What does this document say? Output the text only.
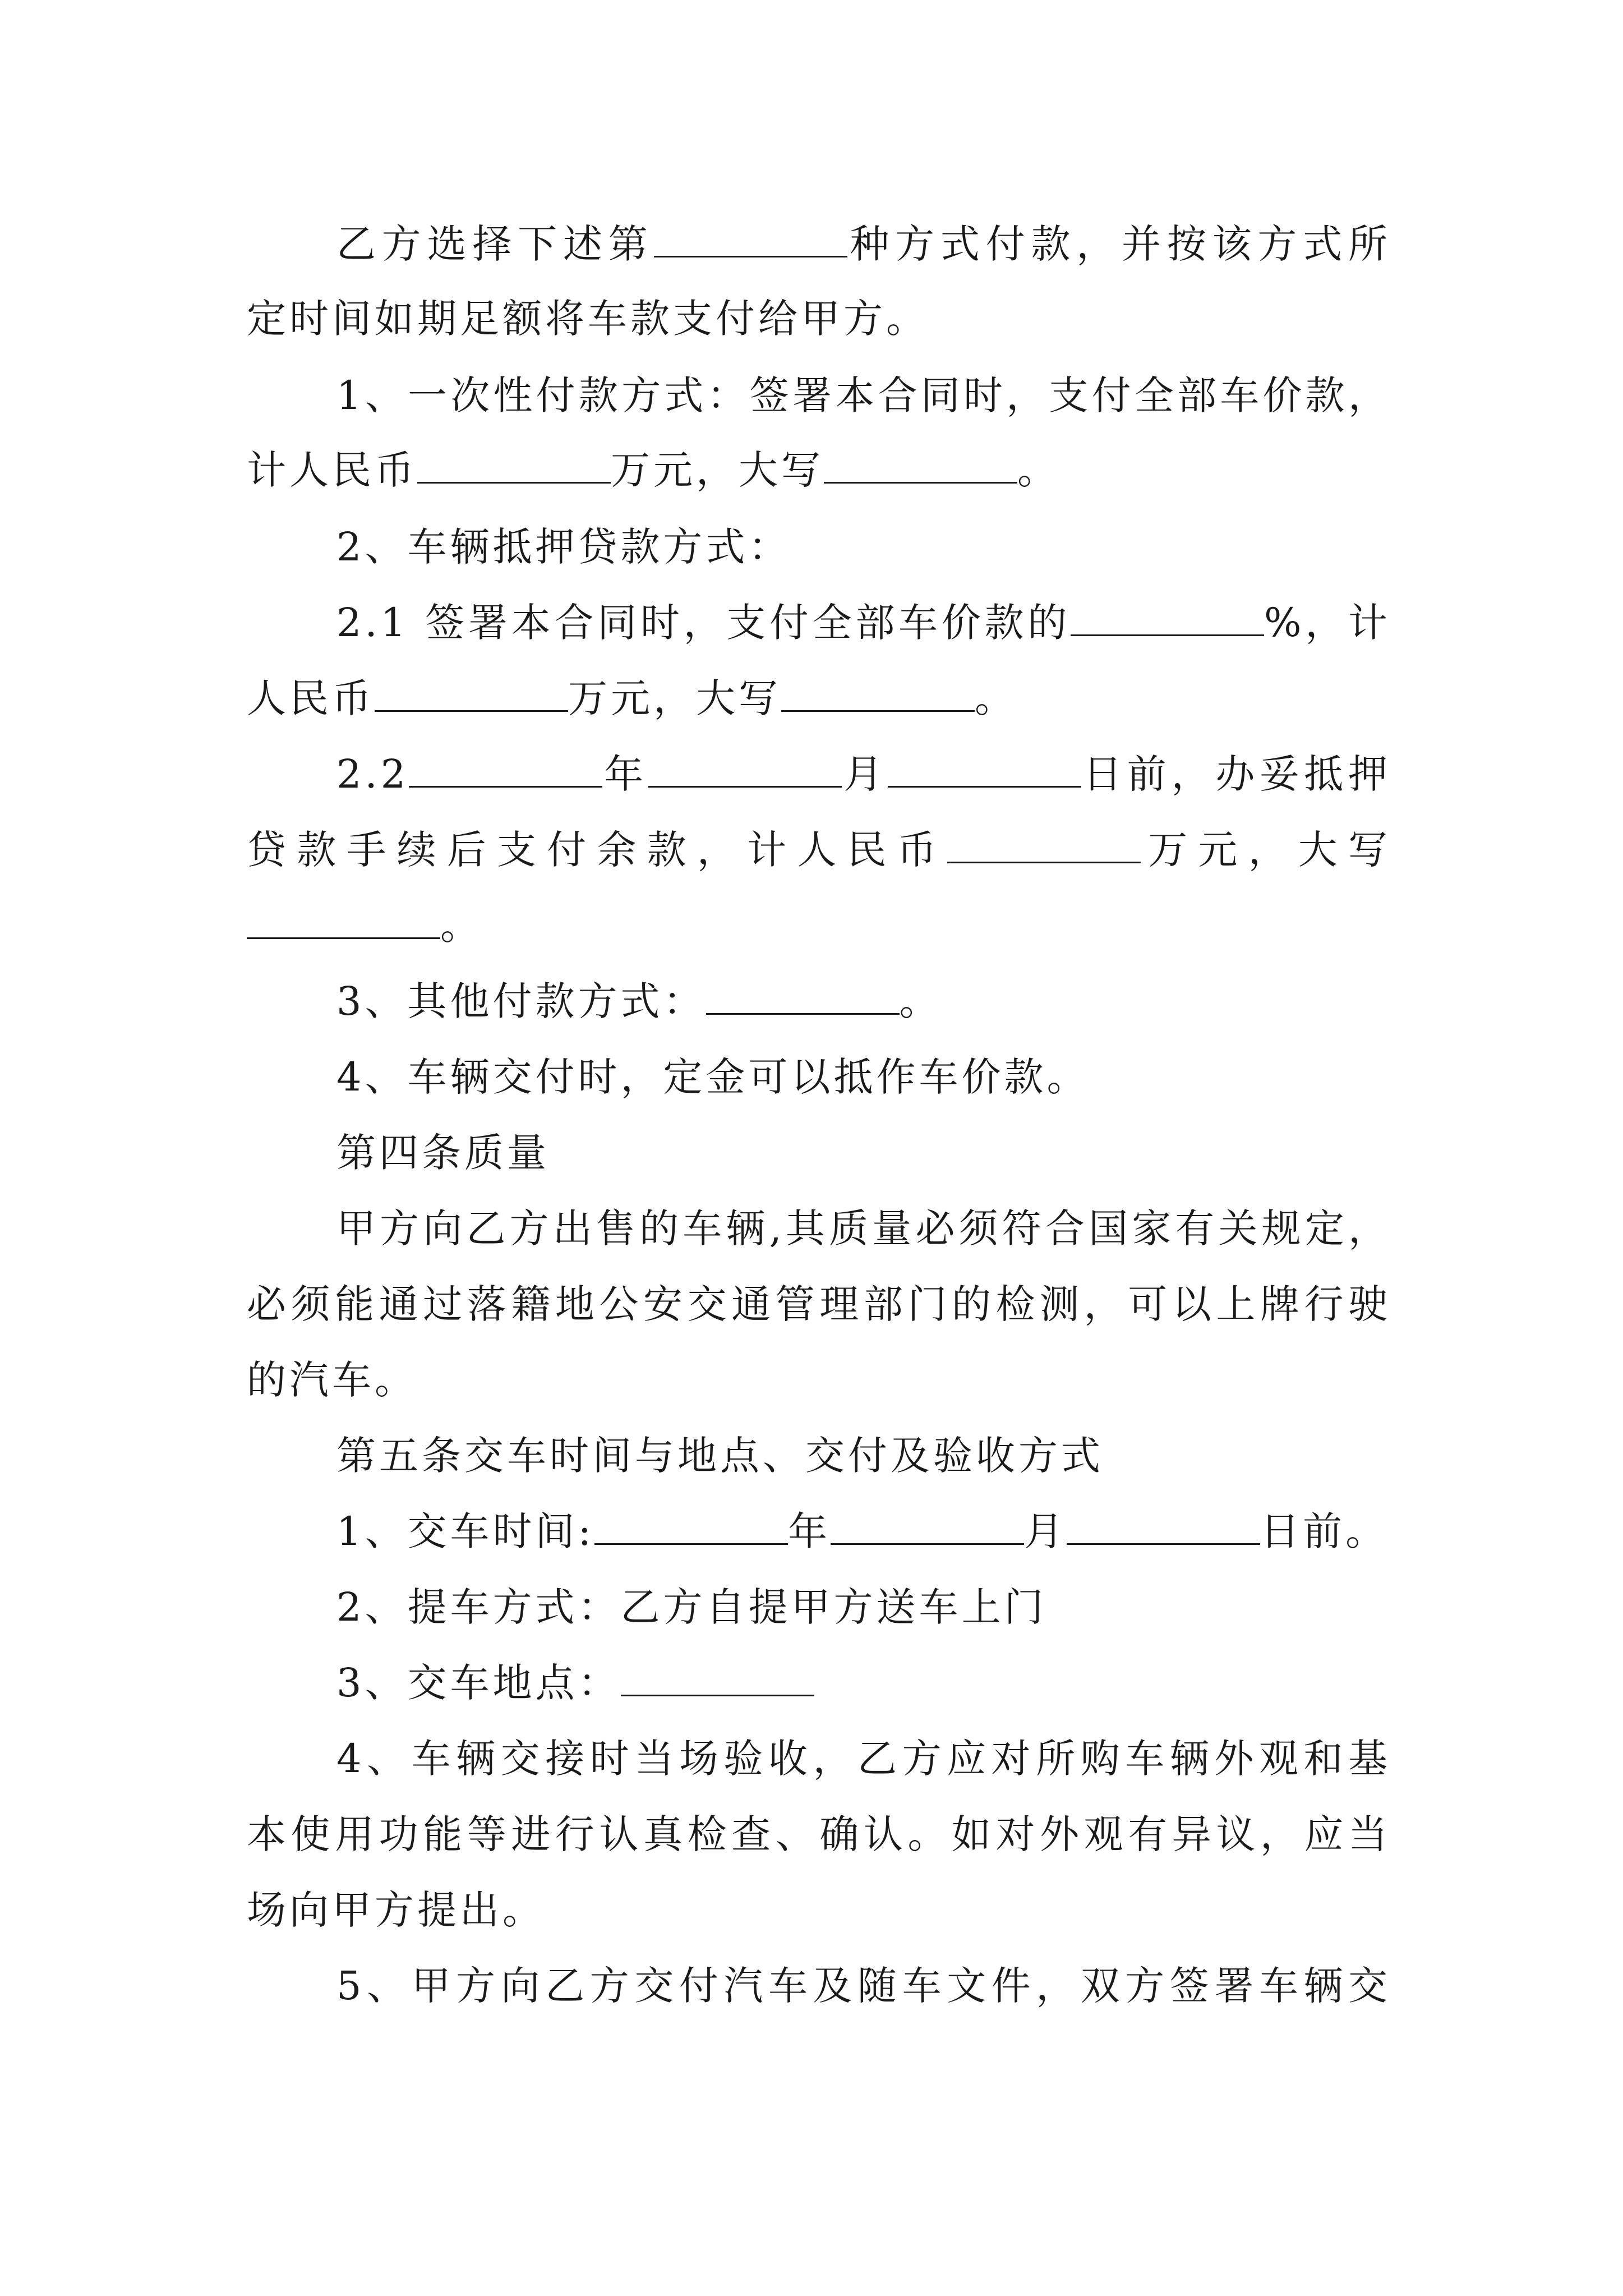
乙方选择下述第	种方式付款，并按该方式所
定时间如期足额将车款支付给甲方。
1、一次性付款方式：签署本合同时，支付全部车价款，
计人民币	万元，大写	。
2、车辆抵押贷款方式：
2.1 签署本合同时，支付全部车价款的	%，计
人民币	万元，大写	。
2.2	年	月	日前，办妥抵押
贷款手续后支付余款，计人民币	万元，大写
。
3、其他付款方式：	。
4、车辆交付时，定金可以抵作车价款。
第四条质量
甲方向乙方出售的车辆,其质量必须符合国家有关规定，
必须能通过落籍地公安交通管理部门的检测，可以上牌行驶
的汽车。
第五条交车时间与地点、交付及验收方式
1、交车时间:	年	月	日前。
2、提车方式：乙方自提甲方送车上门
3、交车地点：
4、车辆交接时当场验收，乙方应对所购车辆外观和基
本使用功能等进行认真检查、确认。如对外观有异议，应当
场向甲方提出。
5、甲方向乙方交付汽车及随车文件，双方签署车辆交
